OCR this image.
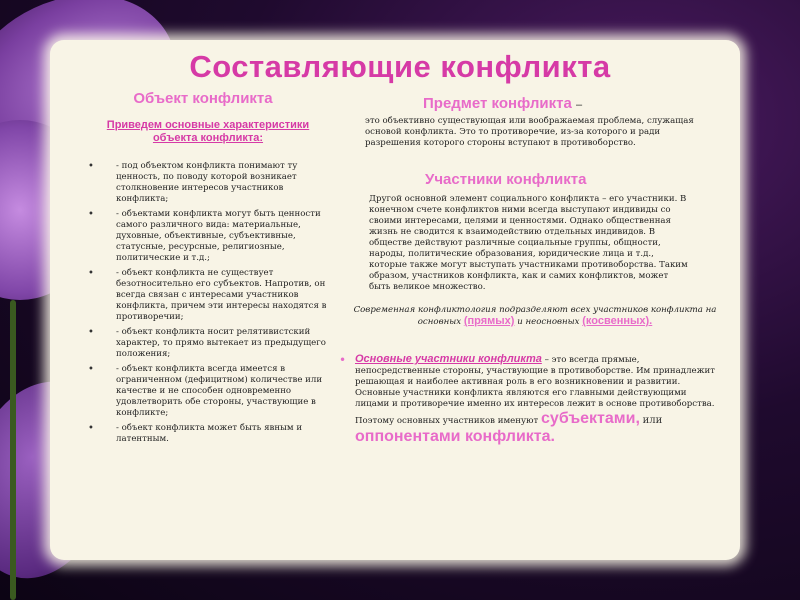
Составляющие конфликта
Объект конфликта
Приведем основные характеристики объекта конфликта:
• - под объектом конфликта понимают ту ценность, по поводу которой возникает столкновение интересов участников конфликта;
• - объектами конфликта могут быть ценности самого различного вида: материальные, духовные, объективные, субъективные, статусные, ресурсные, религиозные, политические и т.д.;
• - объект конфликта не существует безотносительно его субъектов. Напротив, он всегда связан с интересами участников конфликта, причем эти интересы находятся в противоречии;
• - объект конфликта носит релятивистский характер, то прямо вытекает из предыдущего положения;
• - объект конфликта всегда имеется в ограниченном (дефицитном) количестве или качестве и не способен одновременно удовлетворить обе стороны, участвующие в конфликте;
• - объект конфликта может быть явным и латентным.
Предмет конфликта –
это объективно существующая или воображаемая проблема, служащая основой конфликта. Это то противоречие, из-за которого и ради разрешения которого стороны вступают в противоборство.
Участники конфликта
Другой основной элемент социального конфликта – его участники. В конечном счете конфликтов ними всегда выступают индивиды со своими интересами, целями и ценностями. Однако общественная жизнь не сводится к взаимодействию отдельных индивидов. В обществе действуют различные социальные группы, общности, народы, политические образования, юридические лица и т.д., которые также могут выступать участниками противоборства. Таким образом, участников конфликта, как и самих конфликтов, может быть великое множество.
Современная конфликтология подразделяют всех участников конфликта на основных (прямых) и неосновных (косвенных).
• Основные участники конфликта – это всегда прямые, непосредственные стороны, участвующие в противоборстве. Им принадлежит решающая и наиболее активная роль в его возникновении и развитии. Основные участники конфликта являются его главными действующими лицами и противоречие именно их интересов лежит в основе противоборства. Поэтому основных участников именуют субъектами, или оппонентами конфликта.
